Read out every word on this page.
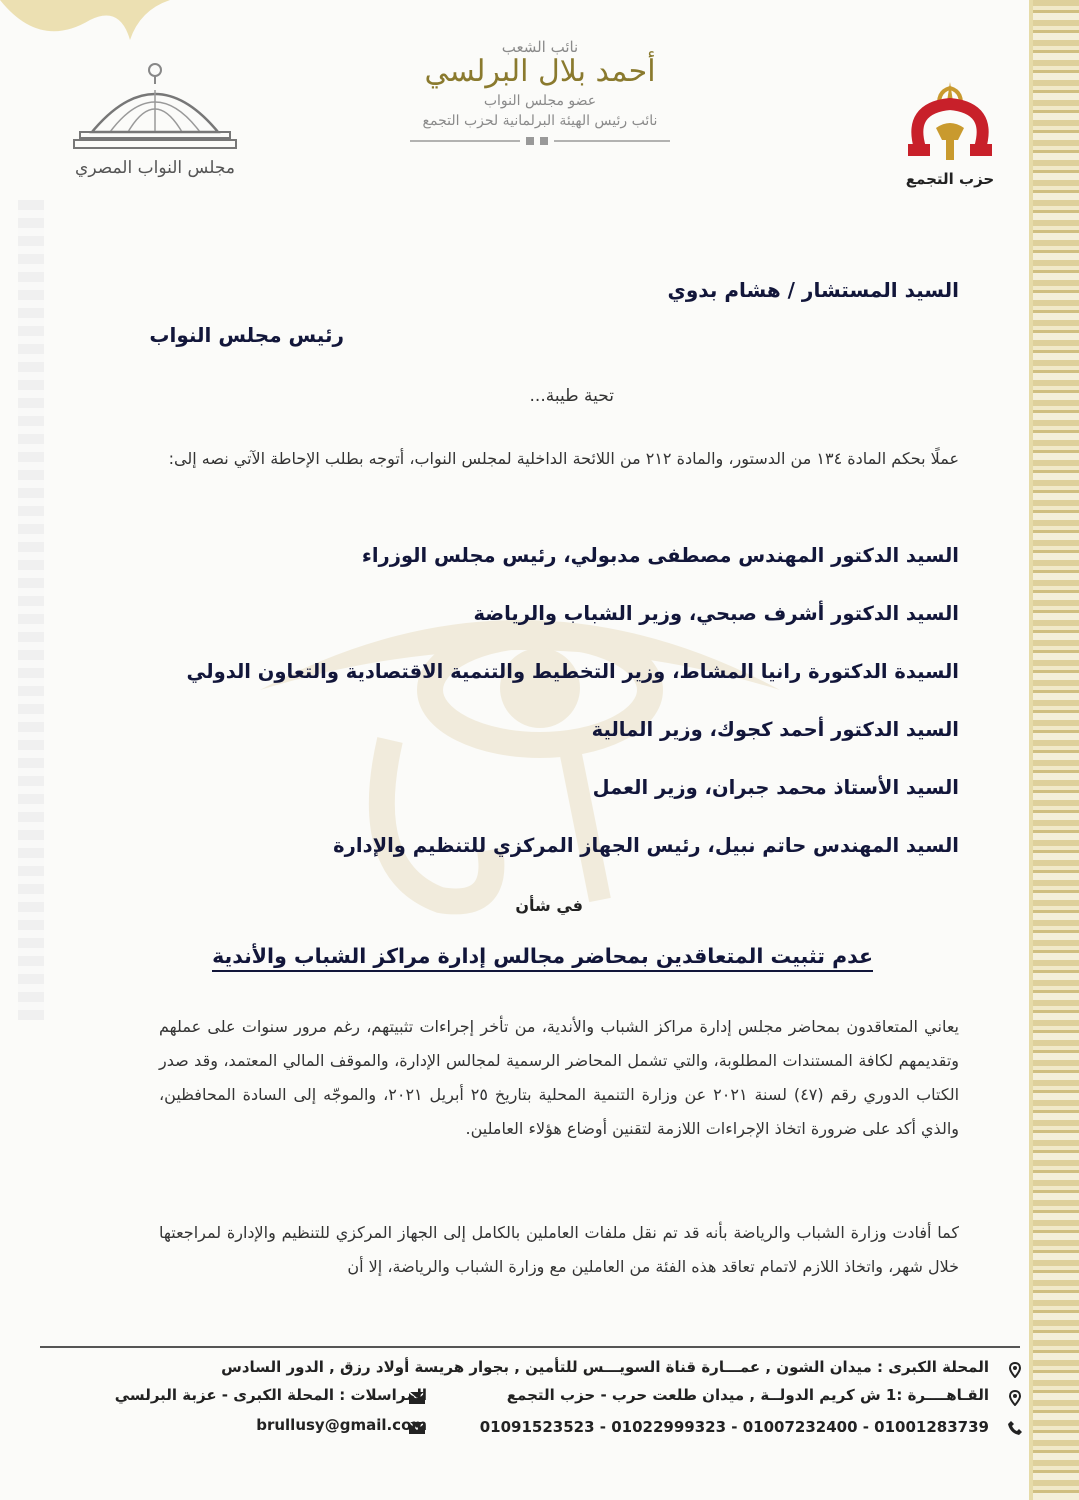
مجلس النواب المصري
نائب الشعب
أحمد بلال البرلسي
عضو مجلس النواب
نائب رئيس الهيئة البرلمانية لحزب التجمع
حزب التجمع
السيد المستشار / هشام بدوي
رئيس مجلس النواب
تحية طيبة...
عملًا بحكم المادة ١٣٤ من الدستور، والمادة ٢١٢ من اللائحة الداخلية لمجلس النواب، أتوجه بطلب الإحاطة الآتي نصه إلى:
السيد الدكتور المهندس مصطفى مدبولي، رئيس مجلس الوزراء
السيد الدكتور أشرف صبحي، وزير الشباب والرياضة
السيدة الدكتورة رانيا المشاط، وزير التخطيط والتنمية الاقتصادية والتعاون الدولي
السيد الدكتور أحمد كجوك، وزير المالية
السيد الأستاذ محمد جبران، وزير العمل
السيد المهندس حاتم نبيل، رئيس الجهاز المركزي للتنظيم والإدارة
في شأن
عدم تثبيت المتعاقدين بمحاضر مجالس إدارة مراكز الشباب والأندية
يعاني المتعاقدون بمحاضر مجلس إدارة مراكز الشباب والأندية، من تأخر إجراءات تثبيتهم، رغم مرور سنوات على عملهم وتقديمهم لكافة المستندات المطلوبة، والتي تشمل المحاضر الرسمية لمجالس الإدارة، والموقف المالي المعتمد، وقد صدر الكتاب الدوري رقم (٤٧) لسنة ٢٠٢١ عن وزارة التنمية المحلية بتاريخ ٢٥ أبريل ٢٠٢١، والموجّه إلى السادة المحافظين، والذي أكد على ضرورة اتخاذ الإجراءات اللازمة لتقنين أوضاع هؤلاء العاملين.
كما أفادت وزارة الشباب والرياضة بأنه قد تم نقل ملفات العاملين بالكامل إلى الجهاز المركزي للتنظيم والإدارة لمراجعتها خلال شهر، واتخاذ اللازم لاتمام تعاقد هذه الفئة من العاملين مع وزارة الشباب والرياضة، إلا أن
المحلة الكبرى : ميدان الشون , عمـــارة قناة السويـــس للتأمين , بجوار هريسة أولاد رزق , الدور السادس
القـاهــــرة :1 ش كريم الدولــة , ميدان طلعت حرب - حزب التجمع
المراسلات : المحلة الكبرى - عزبة البرلسي
01091523523 - 01022999323 - 01007232400 - 01001283739
brullusy@gmail.com
